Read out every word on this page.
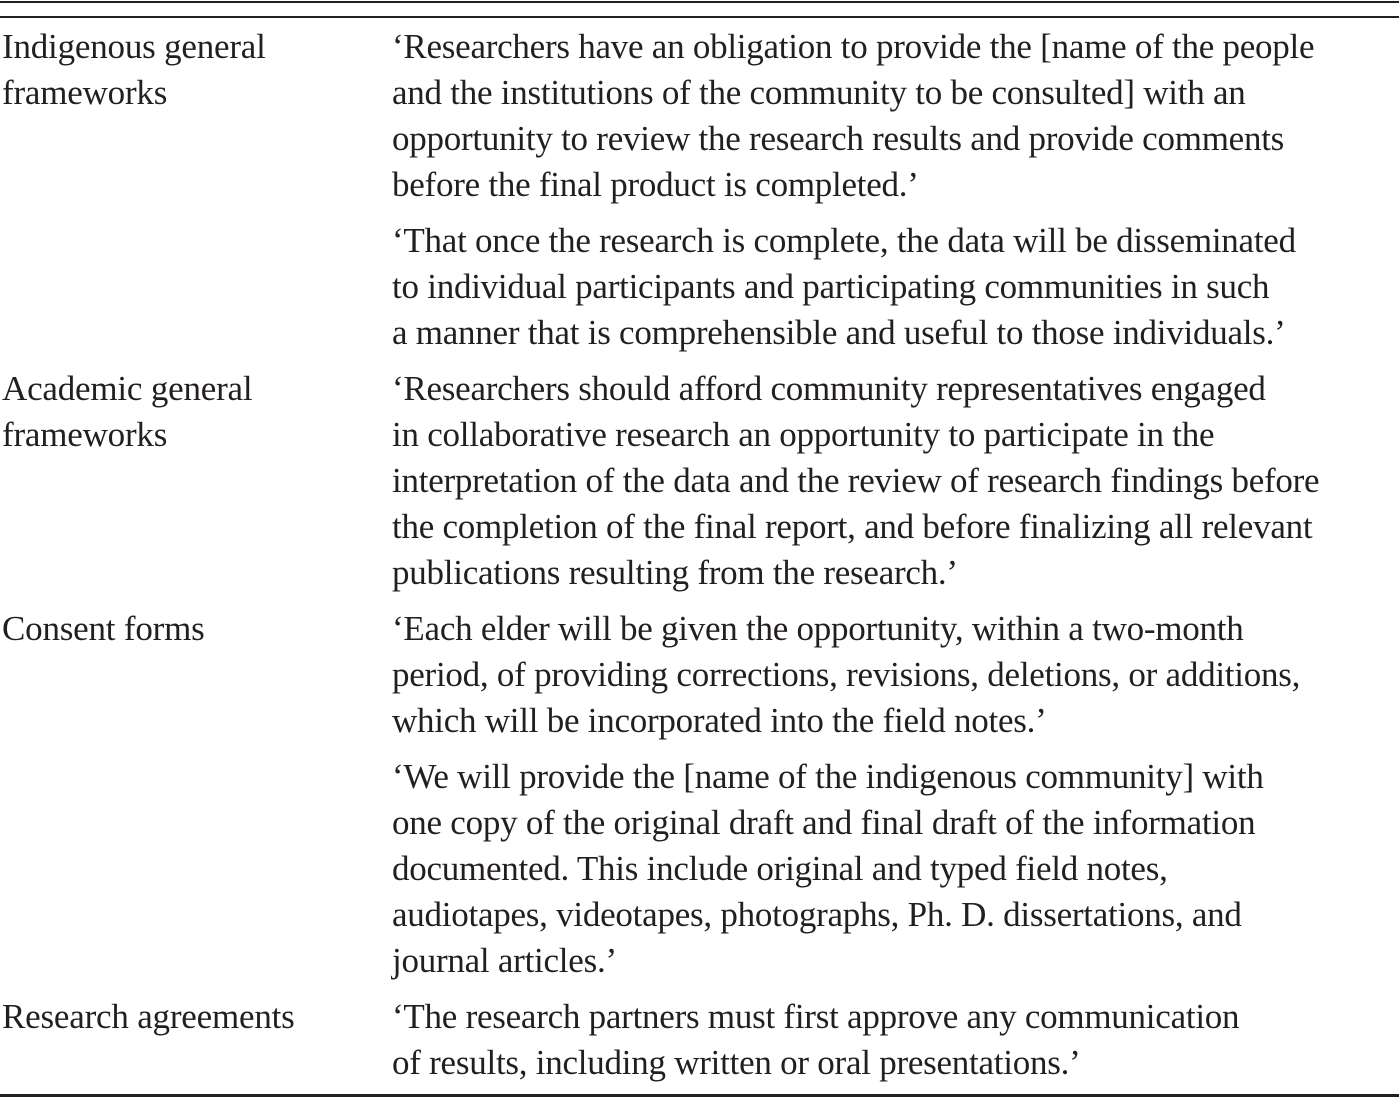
Indigenous general
frameworks
‘Researchers have an obligation to provide the [name of the people
and the institutions of the community to be consulted] with an
opportunity to review the research results and provide comments
before the final product is completed.’
‘That once the research is complete, the data will be disseminated
to individual participants and participating communities in such
a manner that is comprehensible and useful to those individuals.’
Academic general
frameworks
‘Researchers should afford community representatives engaged
in collaborative research an opportunity to participate in the
interpretation of the data and the review of research findings before
the completion of the final report, and before finalizing all relevant
publications resulting from the research.’
Consent forms	‘Each elder will be given the opportunity, within a two-month
period, of providing corrections, revisions, deletions, or additions,
which will be incorporated into the field notes.’
‘We will provide the [name of the indigenous community] with
one copy of the original draft and final draft of the information
documented. This include original and typed field notes,
audiotapes, videotapes, photographs, Ph. D. dissertations, and
journal articles.’
Research agreements	‘The research partners must first approve any communication
of results, including written or oral presentations.’
